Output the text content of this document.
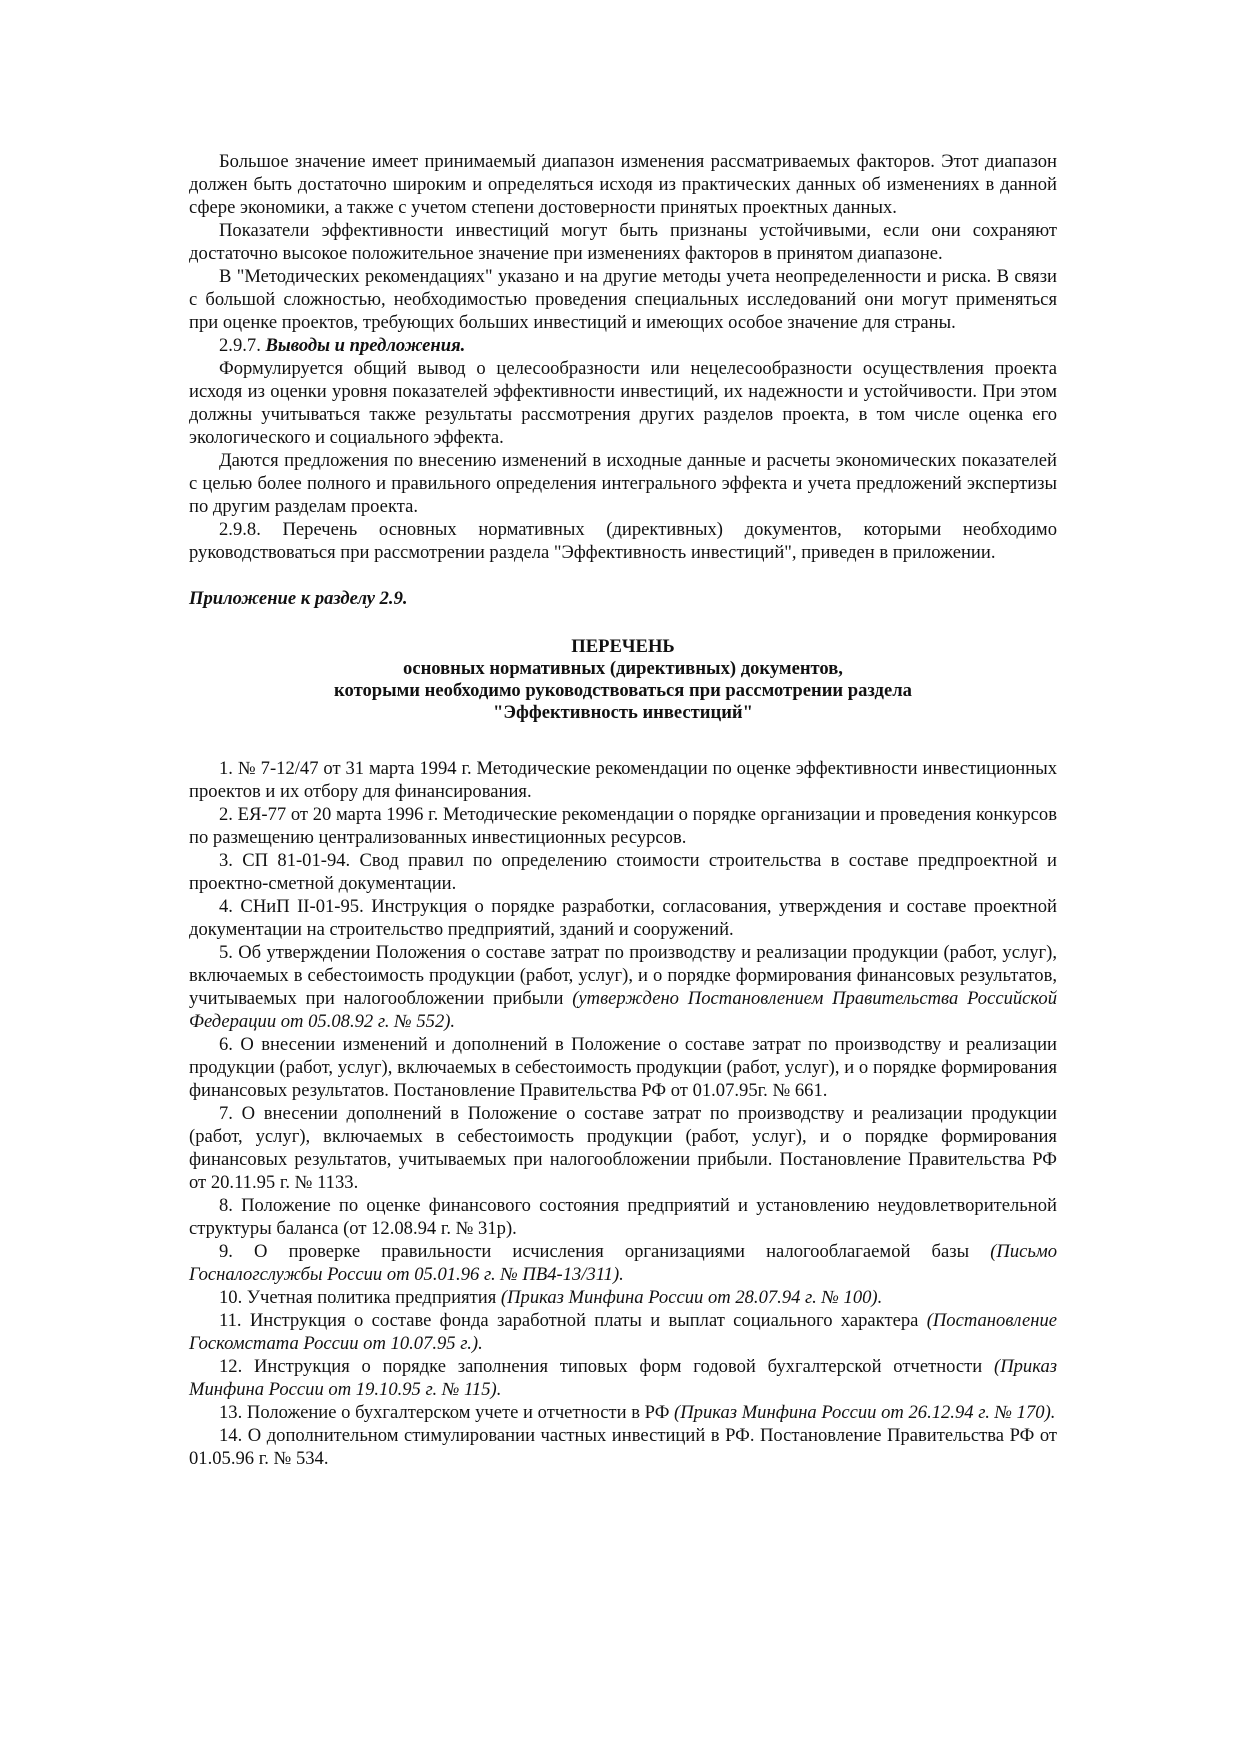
Большое значение имеет принимаемый диапазон изменения рассматриваемых факторов. Этот диапазон должен быть достаточно широким и определяться исходя из практических данных об изменениях в данной сфере экономики, а также с учетом степени достоверности принятых проектных данных.

Показатели эффективности инвестиций могут быть признаны устойчивыми, если они сохраняют достаточно высокое положительное значение при изменениях факторов в принятом диапазоне.

В "Методических рекомендациях" указано и на другие методы учета неопределенности и риска. В связи с большой сложностью, необходимостью проведения специальных исследований они могут применяться при оценке проектов, требующих больших инвестиций и имеющих особое значение для страны.

2.9.7. Выводы и предложения.

Формулируется общий вывод о целесообразности или нецелесообразности осуществления проекта исходя из оценки уровня показателей эффективности инвестиций, их надежности и устойчивости. При этом должны учитываться также результаты рассмотрения других разделов проекта, в том числе оценка его экологического и социального эффекта.

Даются предложения по внесению изменений в исходные данные и расчеты экономических показателей с целью более полного и правильного определения интегрального эффекта и учета предложений экспертизы по другим разделам проекта.

2.9.8. Перечень основных нормативных (директивных) документов, которыми необходимо руководствоваться при рассмотрении раздела "Эффективность инвестиций", приведен в приложении.

Приложение к разделу 2.9.

ПЕРЕЧЕНЬ
основных нормативных (директивных) документов,
которыми необходимо руководствоваться при рассмотрении раздела
"Эффективность инвестиций"

1. № 7-12/47 от 31 марта 1994 г. Методические рекомендации по оценке эффективности инвестиционных проектов и их отбору для финансирования.

2. ЕЯ-77 от 20 марта 1996 г. Методические рекомендации о порядке организации и проведения конкурсов по размещению централизованных инвестиционных ресурсов.

3. СП 81-01-94. Свод правил по определению стоимости строительства в составе предпроектной и проектно-сметной документации.

4. СНиП II-01-95. Инструкция о порядке разработки, согласования, утверждения и составе проектной документации на строительство предприятий, зданий и сооружений.

5. Об утверждении Положения о составе затрат по производству и реализации продукции (работ, услуг), включаемых в себестоимость продукции (работ, услуг), и о порядке формирования финансовых результатов, учитываемых при налогообложении прибыли (утверждено Постановлением Правительства Российской Федерации от 05.08.92 г. № 552).

6. О внесении изменений и дополнений в Положение о составе затрат по производству и реализации продукции (работ, услуг), включаемых в себестоимость продукции (работ, услуг), и о порядке формирования финансовых результатов. Постановление Правительства РФ от 01.07.95г. № 661.

7. О внесении дополнений в Положение о составе затрат по производству и реализации продукции (работ, услуг), включаемых в себестоимость продукции (работ, услуг), и о порядке формирования финансовых результатов, учитываемых при налогообложении прибыли. Постановление Правительства РФ от 20.11.95 г. № 1133.

8. Положение по оценке финансового состояния предприятий и установлению неудовлетворительной структуры баланса (от 12.08.94 г. № 31р).

9. О проверке правильности исчисления организациями налогооблагаемой базы (Письмо Госналогслужбы России от 05.01.96 г. № ПВ4-13/311).

10. Учетная политика предприятия (Приказ Минфина России от 28.07.94 г. № 100).

11. Инструкция о составе фонда заработной платы и выплат социального характера (Постановление Госкомстата России от 10.07.95 г.).

12. Инструкция о порядке заполнения типовых форм годовой бухгалтерской отчетности (Приказ Минфина России от 19.10.95 г. № 115).

13. Положение о бухгалтерском учете и отчетности в РФ (Приказ Минфина России от 26.12.94 г. № 170).

14. О дополнительном стимулировании частных инвестиций в РФ. Постановление Правительства РФ от 01.05.96 г. № 534.
